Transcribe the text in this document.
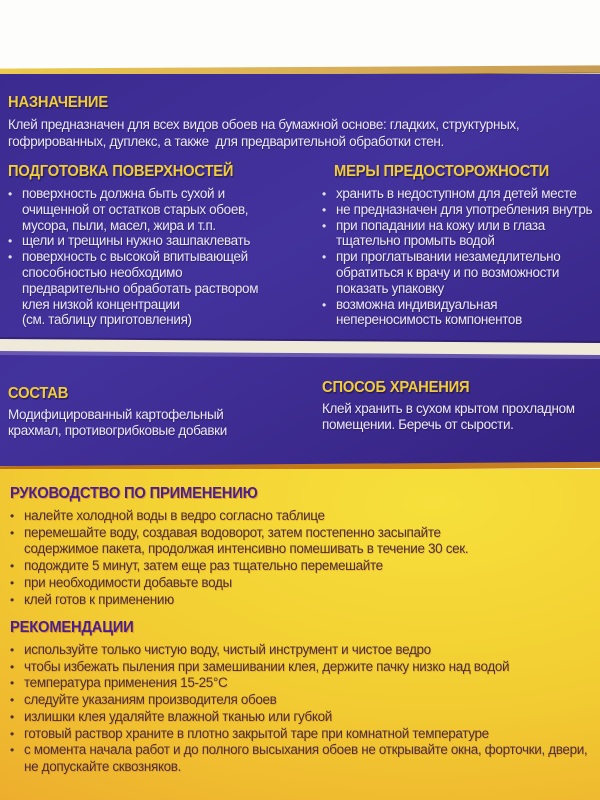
НАЗНАЧЕНИЕ
Клей предназначен для всех видов обоев на бумажной основе: гладких, структурных,
гофрированных, дуплекс, а также  для предварительной обработки стен.
ПОДГОТОВКА ПОВЕРХНОСТЕЙ
• поверхность должна быть сухой и
очищенной от остатков старых обоев,
мусора, пыли, масел, жира и т.п.
• щели и трещины нужно зашпаклевать
• поверхность с высокой впитывающей
способностью необходимо
предварительно обработать раствором
клея низкой концентрации
(см. таблицу приготовления)
МЕРЫ ПРЕДОСТОРОЖНОСТИ
• хранить в недоступном для детей месте
• не предназначен для употребления внутрь
• при попадании на кожу или в глаза
тщательно промыть водой
• при проглатывании незамедлительно
обратиться к врачу и по возможности
показать упаковку
• возможна индивидуальная
непереносимость компонентов
СОСТАВ
Модифицированный картофельный
крахмал, противогрибковые добавки
СПОСОБ ХРАНЕНИЯ
Клей хранить в сухом крытом прохладном
помещении. Беречь от сырости.
РУКОВОДСТВО ПО ПРИМЕНЕНИЮ
• налейте холодной воды в ведро согласно таблице
• перемешайте воду, создавая водоворот, затем постепенно засыпайте
содержимое пакета, продолжая интенсивно помешивать в течение 30 сек.
• подождите 5 минут, затем еще раз тщательно перемешайте
• при необходимости добавьте воды
• клей готов к применению
РЕКОМЕНДАЦИИ
• используйте только чистую воду, чистый инструмент и чистое ведро
• чтобы избежать пыления при замешивании клея, держите пачку низко над водой
• температура применения 15-25°С
• следуйте указаниям производителя обоев
• излишки клея удаляйте влажной тканью или губкой
• готовый раствор храните в плотно закрытой таре при комнатной температуре
• с момента начала работ и до полного высыхания обоев не открывайте окна, форточки, двери,
не допускайте сквозняков.
